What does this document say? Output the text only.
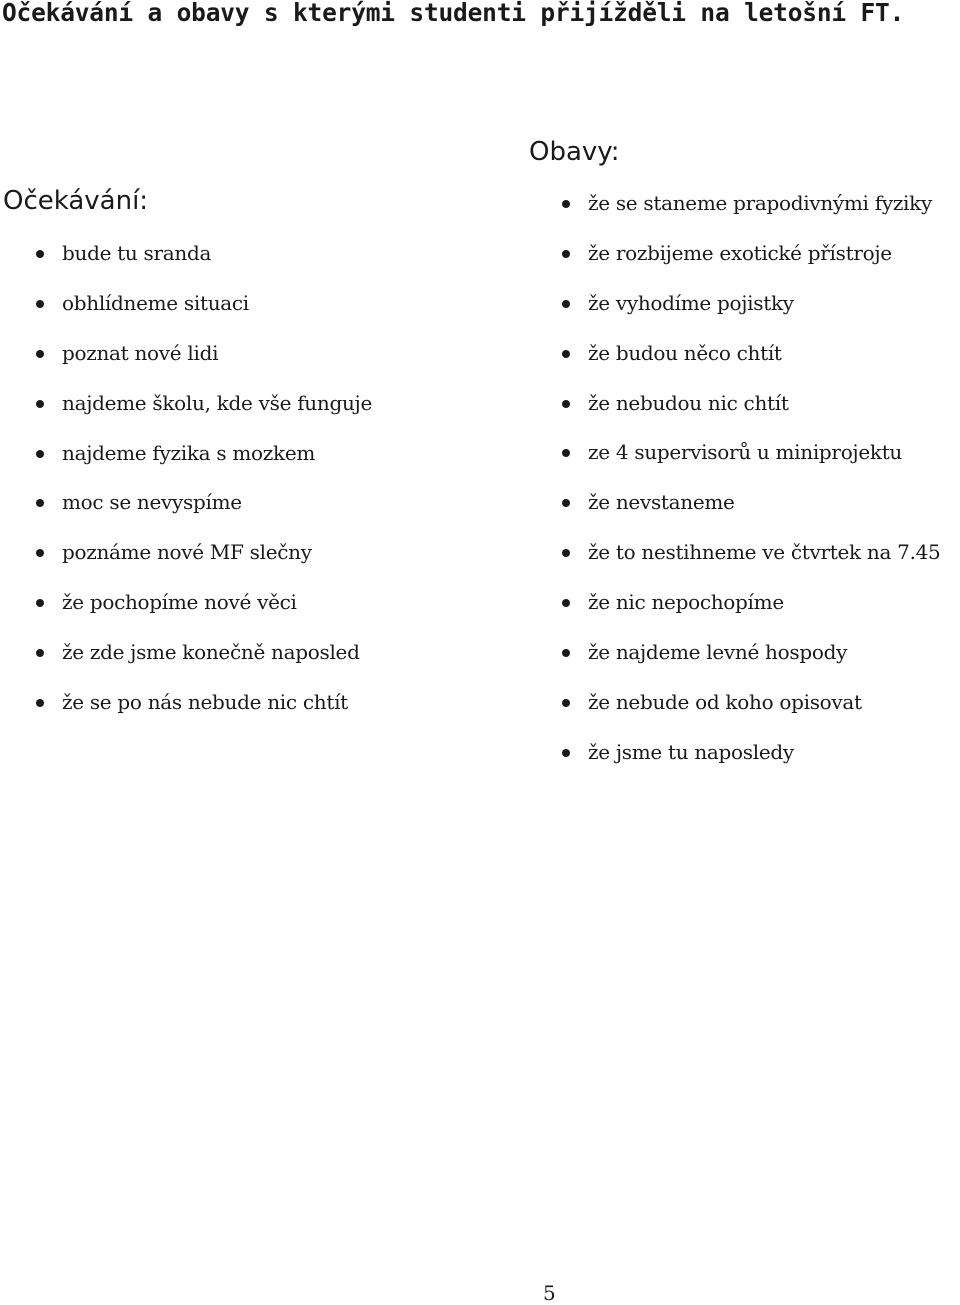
Očekávání a obavy s kterými studenti přijížděli na letošní FT.
Očekávání:
bude tu sranda
obhlídneme situaci
poznat nové lidi
najdeme školu, kde vše funguje
najdeme fyzika s mozkem
moc se nevyspíme
poznáme nové MF slečny
že pochopíme nové věci
že zde jsme konečně naposled
že se po nás nebude nic chtít
Obavy:
že se staneme prapodivnými fyziky
že rozbijeme exotické přístroje
že vyhodíme pojistky
že budou něco chtít
že nebudou nic chtít
ze 4 supervisorů u miniprojektu
že nevstaneme
že to nestihneme ve čtvrtek na 7.45
že nic nepochopíme
že najdeme levné hospody
že nebude od koho opisovat
že jsme tu naposledy
5
